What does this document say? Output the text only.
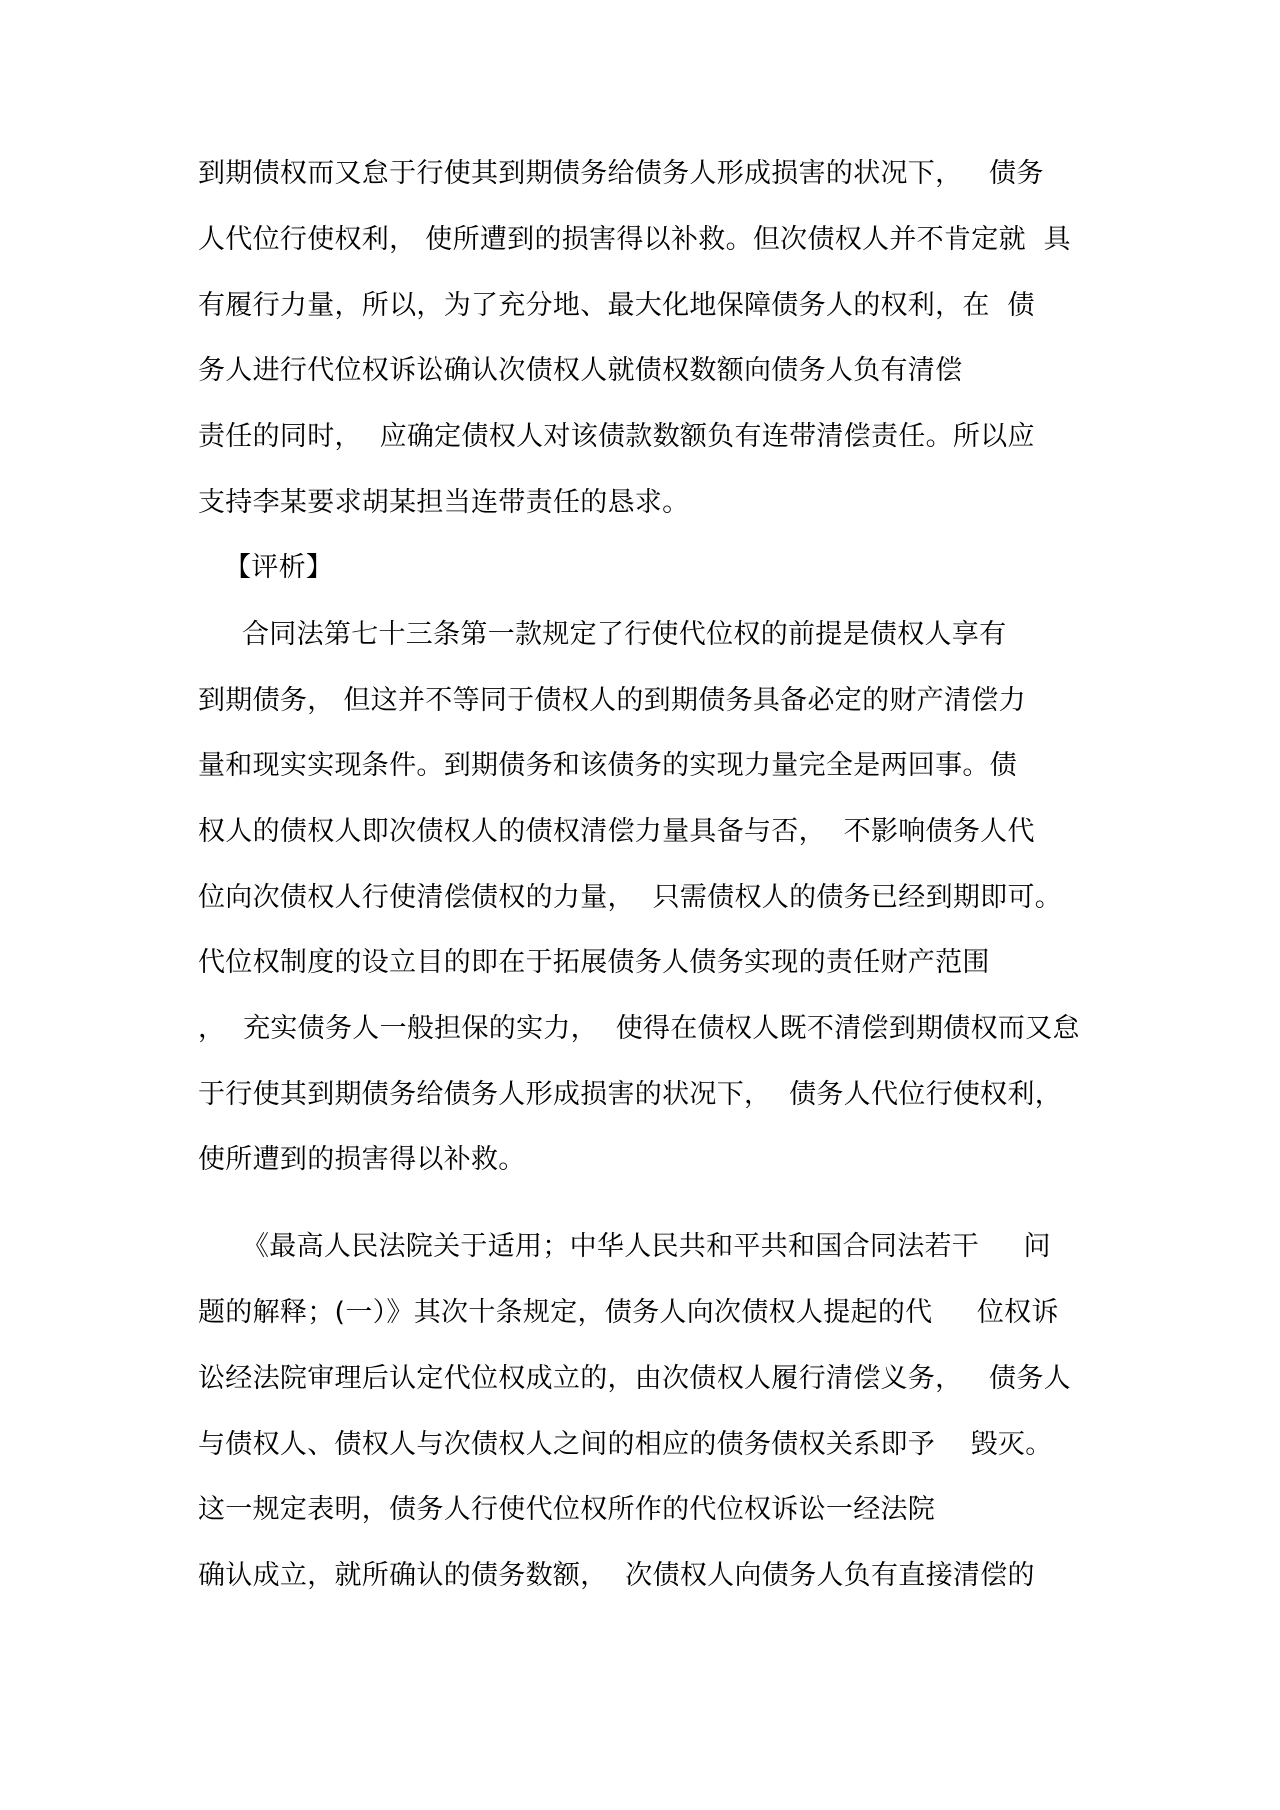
到期债权而又怠于行使其到期债务给债务人形成损害的状况下，   债务

人代位行使权利， 使所遭到的损害得以补救。但次债权人并不肯定就  具

有履行力量，所以，为了充分地、最大化地保障债务人的权利，在  债

务人进行代位权诉讼确认次债权人就债权数额向债务人负有清偿

责任的同时，  应确定债权人对该债款数额负有连带清偿责任。所以应

支持李某要求胡某担当连带责任的恳求。

【评析】

合同法第七十三条第一款规定了行使代位权的前提是债权人享有

到期债务， 但这并不等同于债权人的到期债务具备必定的财产清偿力

量和现实实现条件。到期债务和该债务的实现力量完全是两回事。债

权人的债权人即次债权人的债权清偿力量具备与否，  不影响债务人代

位向次债权人行使清偿债权的力量，  只需债权人的债务已经到期即可。

代位权制度的设立目的即在于拓展债务人债务实现的责任财产范围

，  充实债务人一般担保的实力，  使得在债权人既不清偿到期债权而又怠

于行使其到期债务给债务人形成损害的状况下，  债务人代位行使权利，

使所遭到的损害得以补救。

《最高人民法院关于适用；中华人民共和平共和国合同法若干     问

题的解释；(一）》其次十条规定，债务人向次债权人提起的代     位权诉

讼经法院审理后认定代位权成立的，由次债权人履行清偿义务，   债务人

与债权人、债权人与次债权人之间的相应的债务债权关系即予    毁灭。

这一规定表明，债务人行使代位权所作的代位权诉讼一经法院

确认成立，就所确认的债务数额，  次债权人向债务人负有直接清偿的
